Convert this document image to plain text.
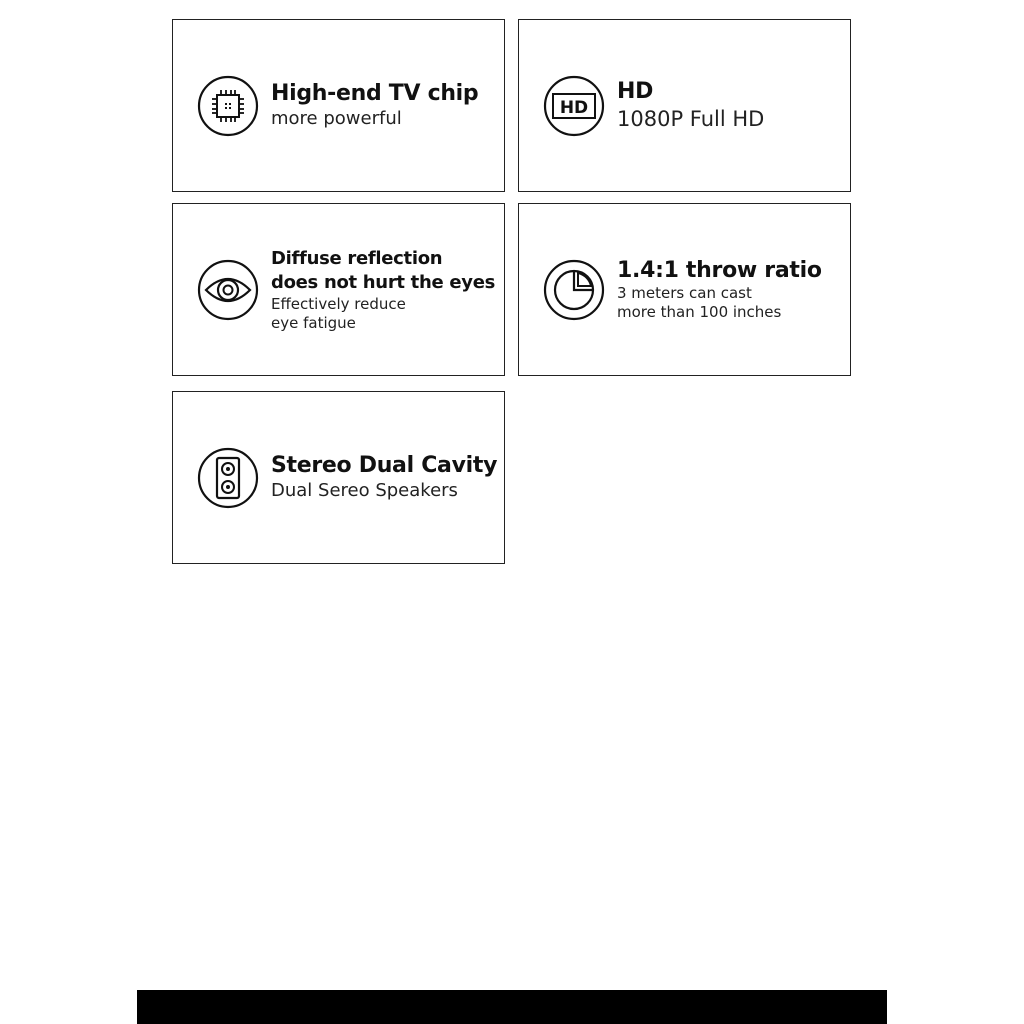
High-end TV chip
more powerful	HD
HD
1080P Full HD
Diffuse reflection
does not hurt the eyes
Effectively reduce
eye fatigue
1.4:1 throw ratio
3 meters can cast
more than 100 inches
Stereo Dual Cavity
Dual Sereo Speakers
